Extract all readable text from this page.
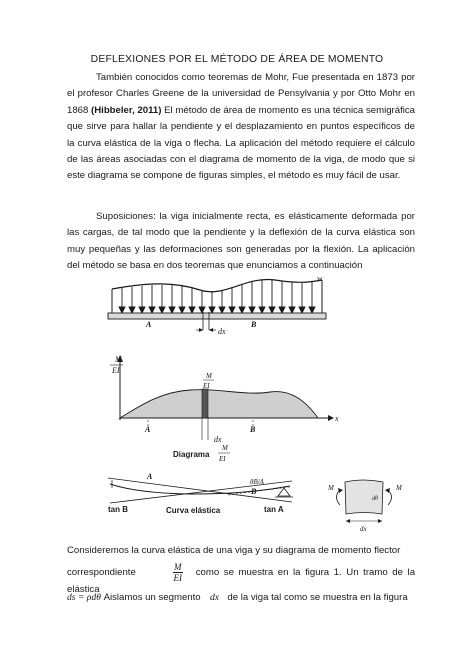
DEFLEXIONES POR EL MÉTODO DE ÁREA DE MOMENTO

También conocidos como teoremas de Mohr, Fue presentada en 1873 por el profesor Charles Greene de la universidad de Pensylvania y por Otto Mohr en 1868 (Hibbeler, 2011) El método de área de momento es una técnica semigráfica que sirve para hallar la pendiente y el desplazamiento en puntos específicos de la curva elástica de la viga o flecha. La aplicación del método requiere el cálculo de las áreas asociadas con el diagrama de momento de la viga, de modo que si este diagrama se compone de figuras simples, el método es muy fácil de usar.

Suposiciones: la viga inicialmente recta, es elásticamente deformada por las cargas, de tal modo que la pendiente y la deflexión de la curva elástica son muy pequeñas y las deformaciones son generadas por la flexión. La aplicación del método se basa en dos teoremas que enunciamos a continuación

dx
w
A	B
x
M
EI
M
EI
A	B
dx
Diagrama
M
EI
A
B
θB/A
tan B	tan A
Curva elástica
M	M
dθ
dx
Consideremos la curva elástica de una viga y su diagrama de momento flector
correspondiente	$\frac{M}{EI}$ como se muestra en la figura 1. Un tramo de la elástica
ds = ρdθ Aislamos un segmento dx de la viga tal como se muestra en la figura
